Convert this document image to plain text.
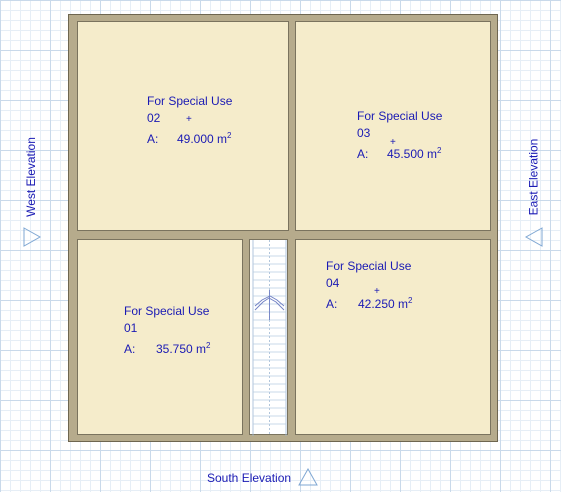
For Special Use
02
A: 49.000 $m^2$
+	For Special Use
03
A: 45.500 $m^2$
+
For Special Use
01
A: 35.750 $m^2$
For Special Use
04
A: 42.250 $m^2$
+
West Elevation	East Elevation
South Elevation
